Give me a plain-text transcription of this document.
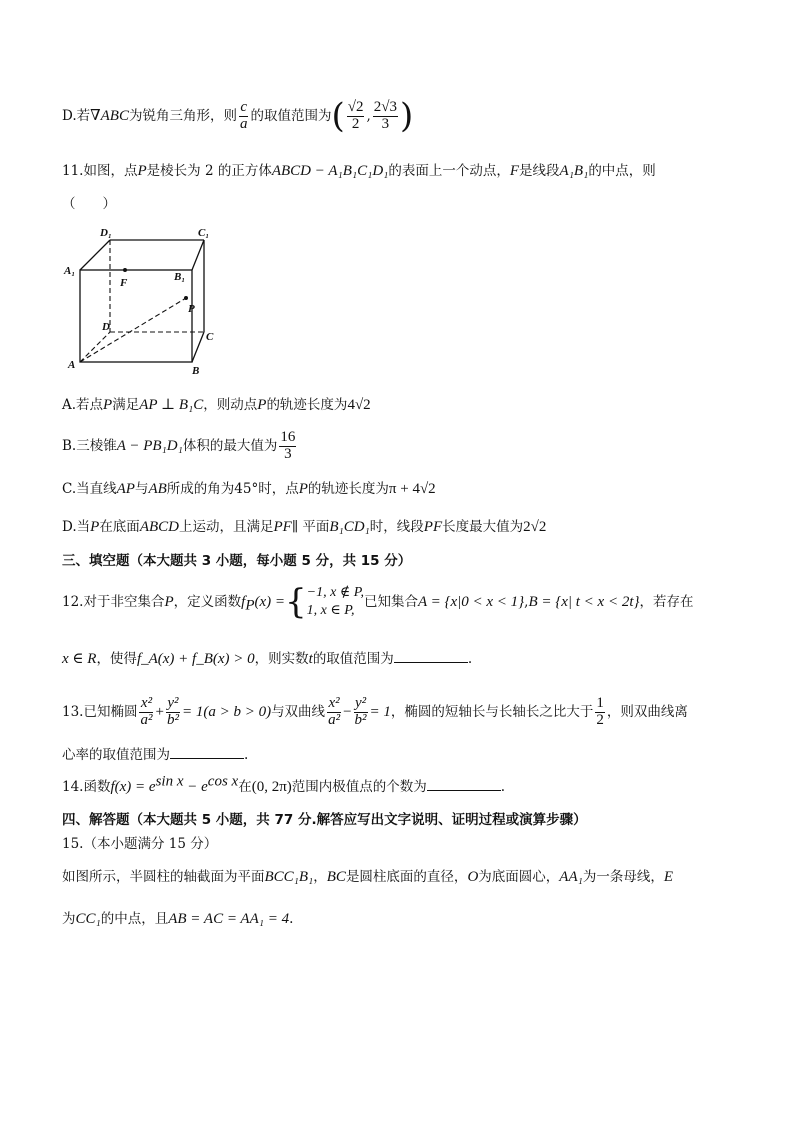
D.若∇ABC为锐角三角形，则 $\frac{c}{a}$ 的取值范围为( $\frac{√2}{2}$ , $\frac{2√3}{3}$ )
11.如图，点P是棱长为 2 的正方体ABCD − A₁B₁C₁D₁的表面上一个动点，F是线段A₁B₁的中点，则
（　　）
D₁	C₁
A₁	B₁
F
P
D
C
A	B
A.若点P满足AP ⊥ B₁C，则动点P的轨迹长度为4√2
B.三棱锥A − PB₁D₁体积的最大值为 $\frac{16}{3}$
C.当直线AP与AB所成的角为45°时，点P的轨迹长度为π + 4√2
D.当P在底面ABCD上运动，且满足PF∥ 平面B₁CD₁时，线段PF长度最大值为2√2
三、填空题（本大题共 3 小题，每小题 5 分，共 15 分）
12.对于非空集合P，定义函数$f_P(x)$ ={ −1, x ∉ P,
1, x ∈ P,
已知集合A = {x|0 < x < 1},B = {x| t < x < 2t}，若存在
x ∈ R，使得f_A(x) + f_B(x) > 0，则实数t的取值范围为	.
13.已知椭圆 $\frac{\text{x²}}{\text{a²}} + \frac{\text{y²}}{\text{b²}} = 1(a > b > 0)$与双曲线 $\frac{\text{x²}}{\text{a²}} - \frac{\text{y²}}{\text{b²}} = 1$，椭圆的短轴长与长轴长之比大于 $\frac{1}{2}$ ，则双曲线离
心率的取值范围为	.
14.函数$f(x) = e^{sin x} - e^{cos x}$在(0, 2π)范围内极值点的个数为	.
四、解答题（本大题共 5 小题，共 77 分.解答应写出文字说明、证明过程或演算步骤）
15.（本小题满分 15 分）
如图所示，半圆柱的轴截面为平面BCC₁B₁，BC是圆柱底面的直径，O为底面圆心，AA₁为一条母线，E
为CC₁的中点，且AB = AC = AA₁ = 4.
